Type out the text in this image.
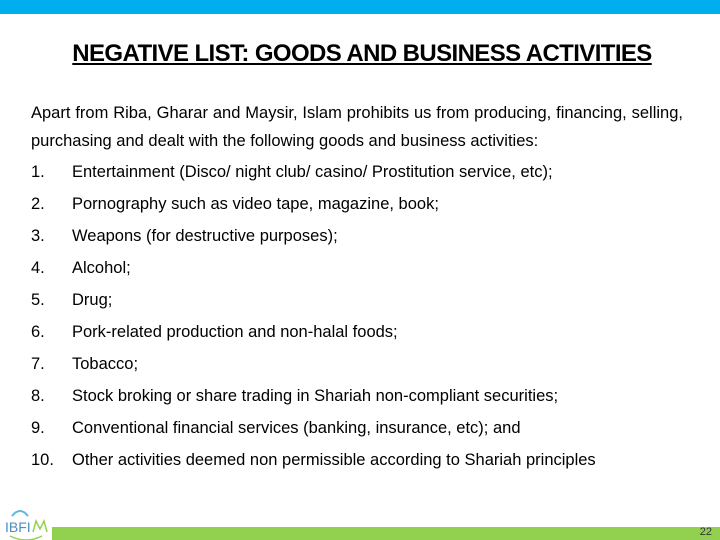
NEGATIVE LIST: GOODS AND BUSINESS ACTIVITIES
Apart from Riba, Gharar and Maysir, Islam prohibits us from producing, financing, selling, purchasing and dealt with the following goods and business activities:
1.	Entertainment (Disco/ night club/ casino/ Prostitution service, etc);
2.	Pornography such as video tape, magazine, book;
3.	Weapons (for destructive purposes);
4.	Alcohol;
5.	Drug;
6.	Pork-related production and non-halal foods;
7.	Tobacco;
8.	Stock broking or share trading in Shariah non-compliant securities;
9.	Conventional financial services (banking, insurance, etc); and
10.	Other activities deemed non permissible according to Shariah principles
IBFI	22
